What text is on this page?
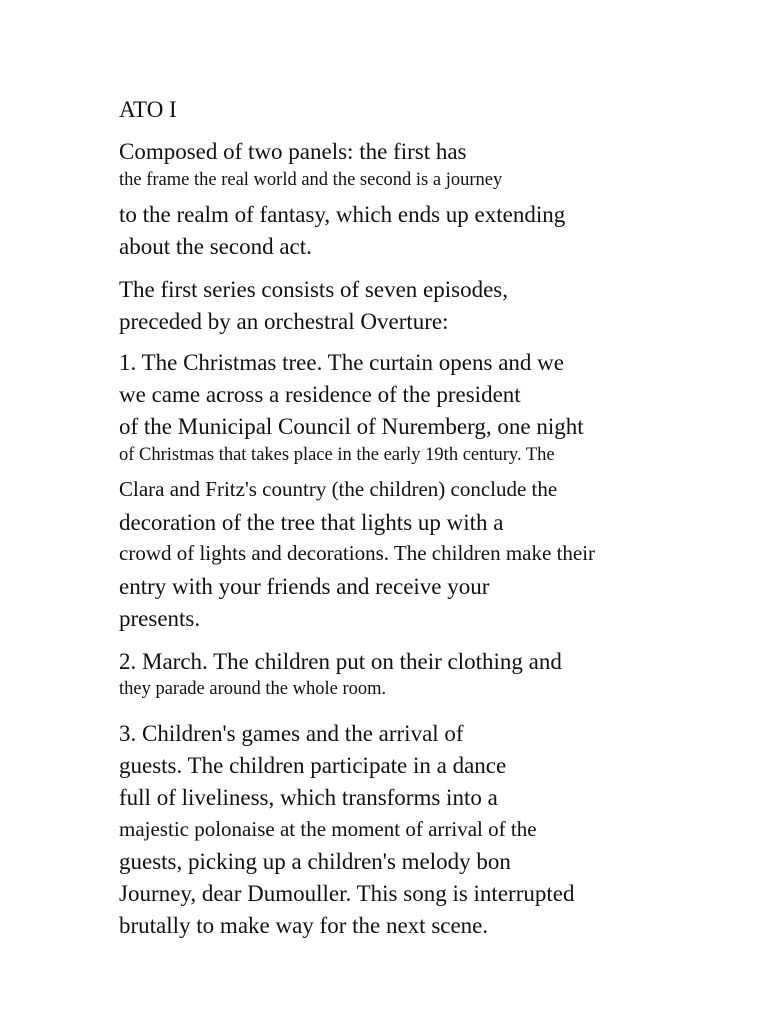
ATO I
Composed of two panels: the first has
the frame the real world and the second is a journey
to the realm of fantasy, which ends up extending
about the second act.
The first series consists of seven episodes,
preceded by an orchestral Overture:
1. The Christmas tree. The curtain opens and we
we came across a residence of the president
of the Municipal Council of Nuremberg, one night
of Christmas that takes place in the early 19th century. The
Clara and Fritz's country (the children) conclude the
decoration of the tree that lights up with a
crowd of lights and decorations. The children make their
entry with your friends and receive your
presents.
2. March. The children put on their clothing and
they parade around the whole room.
3. Children's games and the arrival of
guests. The children participate in a dance
full of liveliness, which transforms into a
majestic polonaise at the moment of arrival of the
guests, picking up a children's melody bon
Journey, dear Dumouller. This song is interrupted
brutally to make way for the next scene.
